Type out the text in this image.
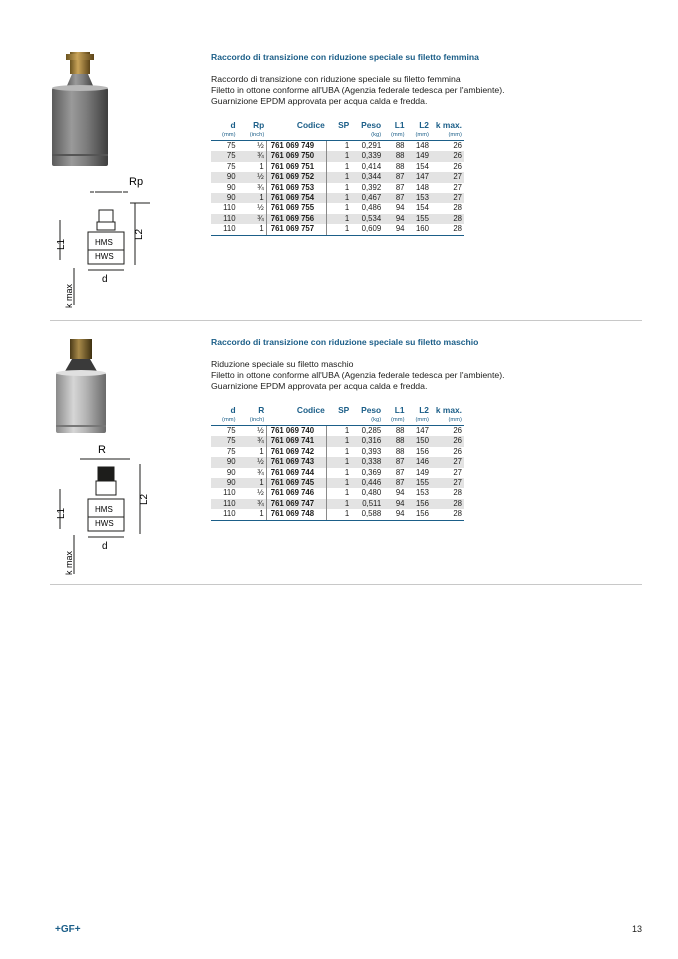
Rp
HMS
HWS
d
L1
L2
k max
Raccordo di transizione con riduzione speciale su filetto femmina
Raccordo di transizione con riduzione speciale su filetto femmina
Filetto in ottone conforme all'UBA (Agenzia federale tedesca per l'ambiente).
Guarnizione EPDM approvata per acqua calda e fredda.
d	Rp	Codice	SP	Peso	L1	L2	k max.
(mm)	(inch)			(kg)	(mm)	(mm)	(mm)
75	½	761 069 749	1	0,291	88	148	26
75	¾	761 069 750	1	0,339	88	149	26
75	1	761 069 751	1	0,414	88	154	26
90	½	761 069 752	1	0,344	87	147	27
90	¾	761 069 753	1	0,392	87	148	27
90	1	761 069 754	1	0,467	87	153	27
110	½	761 069 755	1	0,486	94	154	28
110	¾	761 069 756	1	0,534	94	155	28
110	1	761 069 757	1	0,609	94	160	28
R
HMS
HWS
d
L1
L2
k max
Raccordo di transizione con riduzione speciale su filetto maschio
Riduzione speciale su filetto maschio
Filetto in ottone conforme all'UBA (Agenzia federale tedesca per l'ambiente).
Guarnizione EPDM approvata per acqua calda e fredda.
d	R	Codice	SP	Peso	L1	L2	k max.
(mm)	(inch)			(kg)	(mm)	(mm)	(mm)
75	½	761 069 740	1	0,285	88	147	26
75	¾	761 069 741	1	0,316	88	150	26
75	1	761 069 742	1	0,393	88	156	26
90	½	761 069 743	1	0,338	87	146	27
90	¾	761 069 744	1	0,369	87	149	27
90	1	761 069 745	1	0,446	87	155	27
110	½	761 069 746	1	0,480	94	153	28
110	¾	761 069 747	1	0,511	94	156	28
110	1	761 069 748	1	0,588	94	156	28
+GF+	13
